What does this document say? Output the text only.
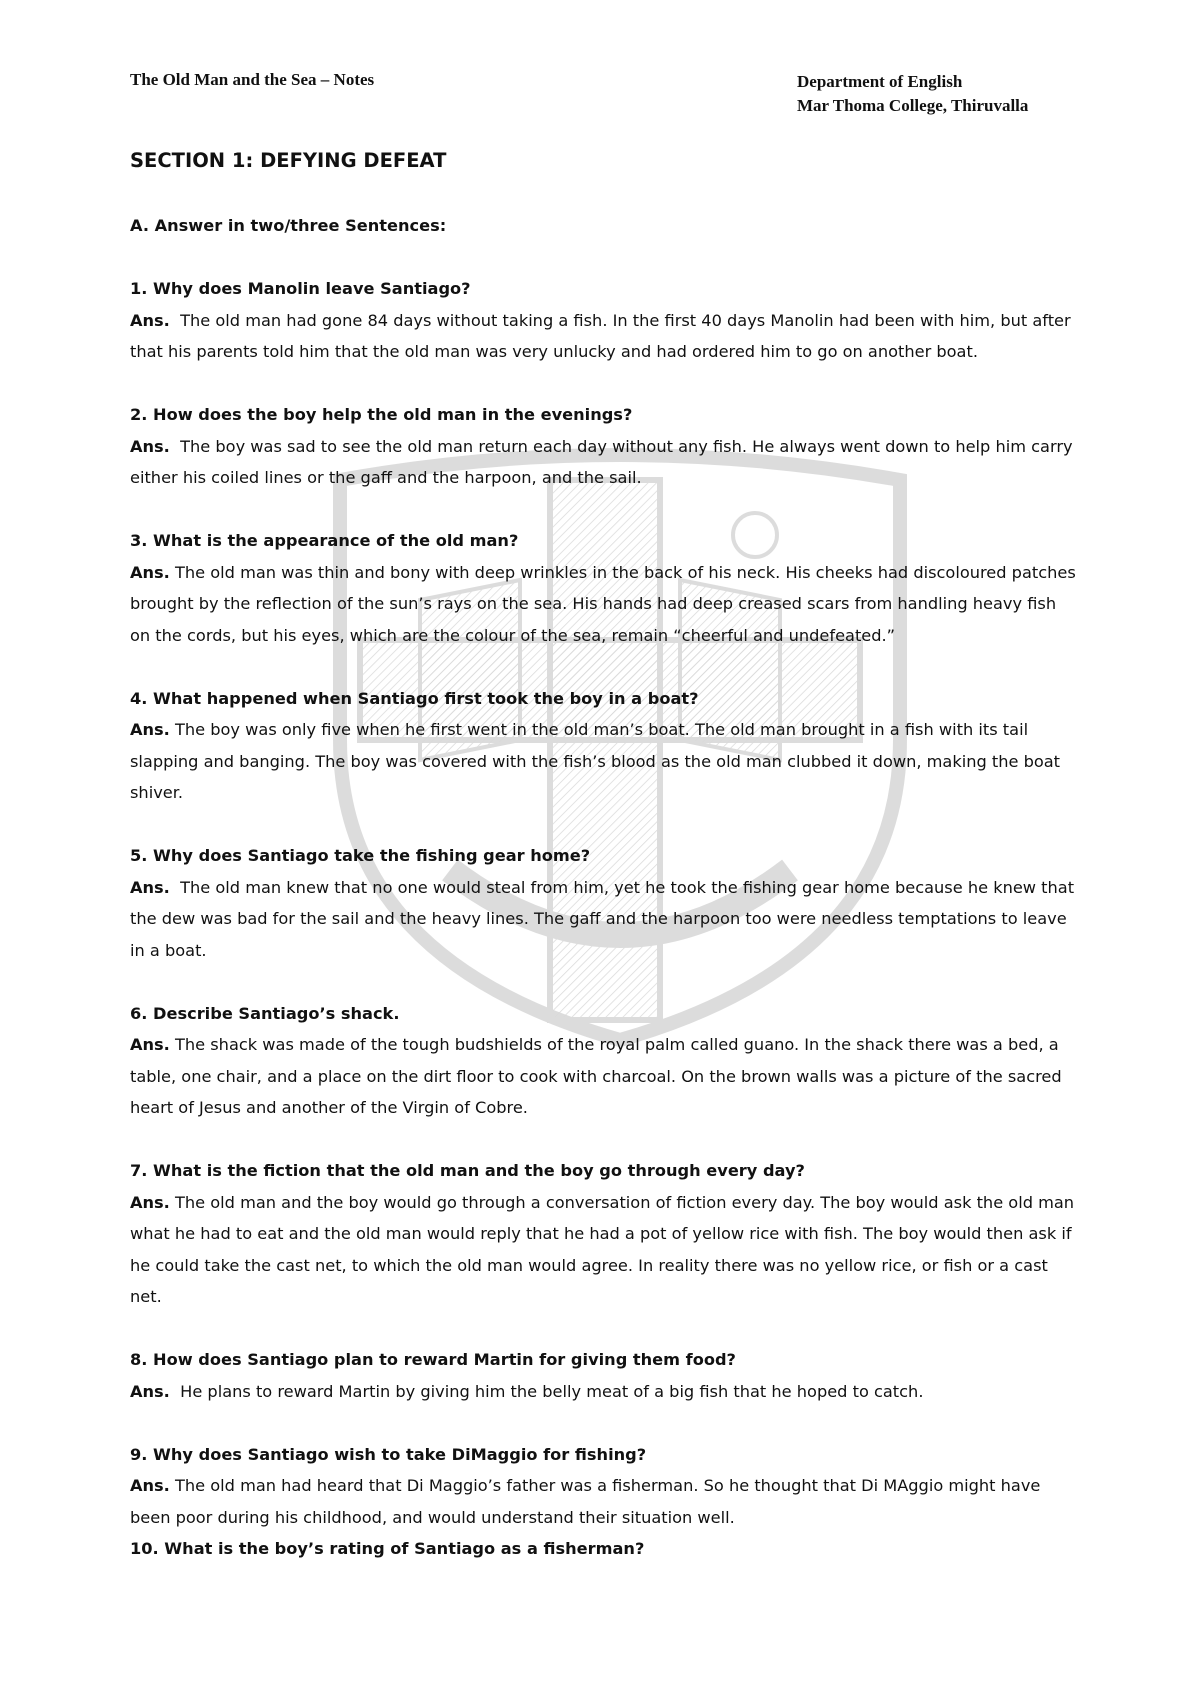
The Old Man and the Sea – Notes	Department of English
Mar Thoma College, Thiruvalla
SECTION 1: DEFYING DEFEAT

A. Answer in two/three Sentences:

1. Why does Manolin leave Santiago?

Ans. The old man had gone 84 days without taking a fish. In the first 40 days Manolin had been with him, but after that his parents told him that the old man was very unlucky and had ordered him to go on another boat.

2. How does the boy help the old man in the evenings?

Ans. The boy was sad to see the old man return each day without any fish. He always went down to help him carry either his coiled lines or the gaff and the harpoon, and the sail.

3. What is the appearance of the old man?

Ans. The old man was thin and bony with deep wrinkles in the back of his neck. His cheeks had discoloured patches brought by the reflection of the sun’s rays on the sea. His hands had deep creased scars from handling heavy fish on the cords, but his eyes, which are the colour of the sea, remain “cheerful and undefeated.”

4. What happened when Santiago first took the boy in a boat?

Ans. The boy was only five when he first went in the old man’s boat. The old man brought in a fish with its tail slapping and banging. The boy was covered with the fish’s blood as the old man clubbed it down, making the boat shiver.

5. Why does Santiago take the fishing gear home?

Ans. The old man knew that no one would steal from him, yet he took the fishing gear home because he knew that the dew was bad for the sail and the heavy lines. The gaff and the harpoon too were needless temptations to leave in a boat.

6. Describe Santiago’s shack.

Ans. The shack was made of the tough budshields of the royal palm called guano. In the shack there was a bed, a table, one chair, and a place on the dirt floor to cook with charcoal. On the brown walls was a picture of the sacred heart of Jesus and another of the Virgin of Cobre.

7. What is the fiction that the old man and the boy go through every day?

Ans. The old man and the boy would go through a conversation of fiction every day. The boy would ask the old man what he had to eat and the old man would reply that he had a pot of yellow rice with fish. The boy would then ask if he could take the cast net, to which the old man would agree. In reality there was no yellow rice, or fish or a cast net.

8. How does Santiago plan to reward Martin for giving them food?

Ans. He plans to reward Martin by giving him the belly meat of a big fish that he hoped to catch.

9. Why does Santiago wish to take DiMaggio for fishing?

Ans. The old man had heard that Di Maggio’s father was a fisherman. So he thought that Di MAggio might have been poor during his childhood, and would understand their situation well.

10. What is the boy’s rating of Santiago as a fisherman?
